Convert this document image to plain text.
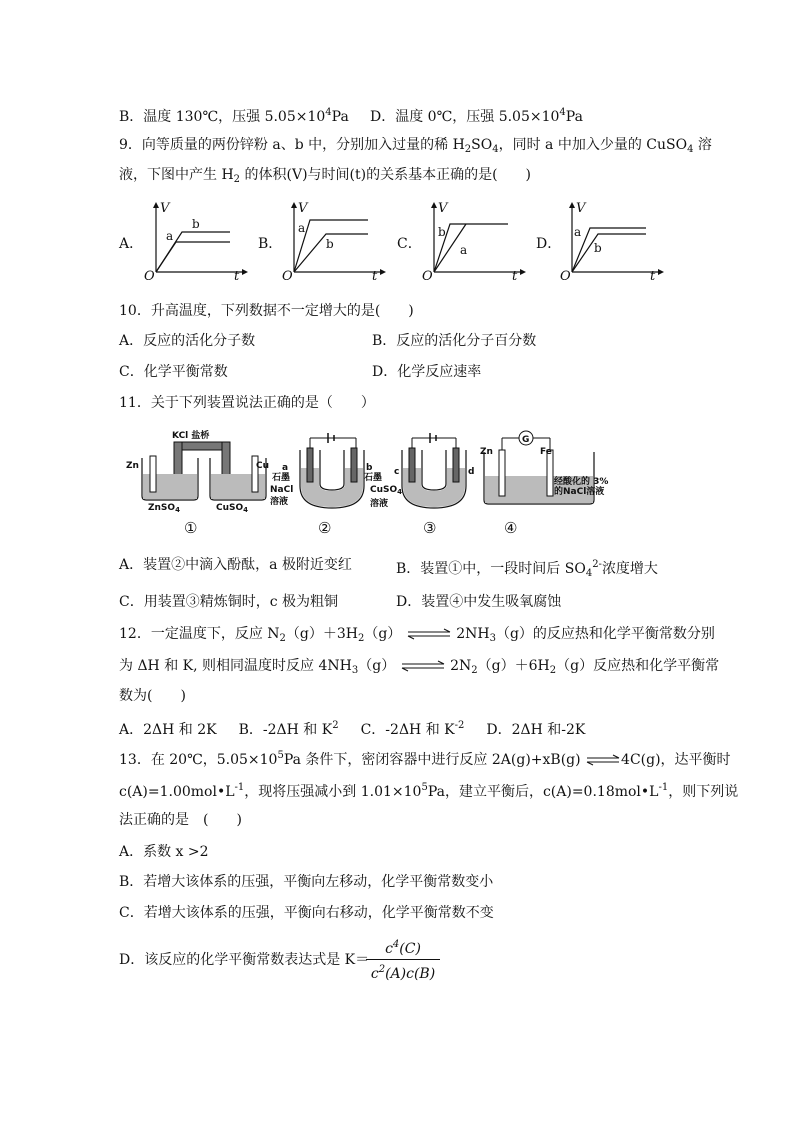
B．温度 130℃，压强 $5.05\times 10^4Pa$ D．温度 0℃，压强 $5.05\times 10^4Pa$
9．向等质量的两份锌粉 a、b 中，分别加入过量的稀 $H_2SO_4$，同时 a 中加入少量的 CuSO$_4$ 溶
液，下图中产生 $H_2$ 的体积(V)与时间(t)的关系基本正确的是(　　)
A．
V
O	t
b
a	B．
V
O	t
a
b	C．
V
O	t
b
a	D．
V
O	t
a
b
10．升高温度，下列数据不一定增大的是(　　)
A．反应的活化分子数	B．反应的活化分子百分数
C．化学平衡常数	D．化学反应速率
11．关于下列装置说法正确的是（　　）
KCl 盐桥
Zn	Cu
ZnSO$_4$	CuSO$_4$
①
a	b
石墨	石墨
NaCl
溶液
②
c	d
CuSO$_4$
溶液
③
G
Zn	Fe
经酸化的 3%
的NaCl溶液
④
A．装置②中滴入酚酞，a 极附近变红	B．装置①中，一段时间后 $SO_4^{2-}$浓度增大
C．用装置③精炼铜时，c 极为粗铜	D．装置④中发生吸氧腐蚀
12．一定温度下，反应 $N_2(g)+3H_2(g)$ ⇌ $2NH_3(g)$的反应热和化学平衡常数分别
为 ΔH 和 K, 则相同温度时反应 $4NH_3(g)$ ⇌ $2N_2(g)+6H_2(g)$反应热和化学平衡常
数为(　　)
A．2ΔH 和 2K B．-2ΔH 和 $K^2$ C．-2ΔH 和 $K^{-2}$ D．2ΔH 和-2K
13．在 20℃，$5.05\times 10^5Pa$ 条件下，密闭容器中进行反应 2A(g)+xB(g) ⇌4C(g)，达平衡时
$c(A)=1.00mol•L^{-1}$，现将压强减小到 $1.01\times 10^5Pa$，建立平衡后，$c(A)=0.18mol•L^{-1}$，则下列说
法正确的是　(　　)
A．系数 x >2
B．若增大该体系的压强，平衡向左移动，化学平衡常数变小
C．若增大该体系的压强，平衡向右移动，化学平衡常数不变
D．该反应的化学平衡常数表达式是 K＝
$\frac{c^4(C)}{c^2(A)c(B)}$
